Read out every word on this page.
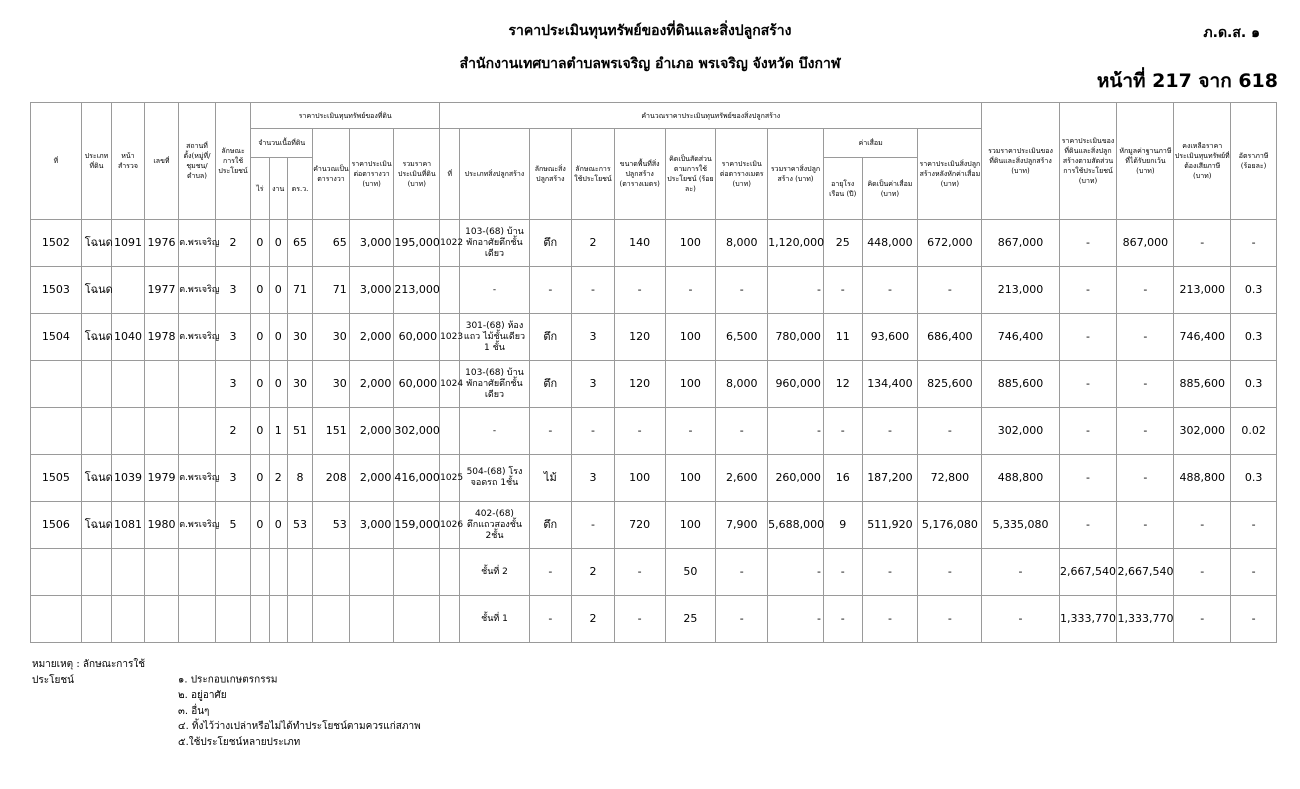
ราคาประเมินทุนทรัพย์ของที่ดินและสิ่งปลูกสร้าง
สำนักงานเทศบาลตำบลพรเจริญ อำเภอ พรเจริญ จังหวัด บึงกาฬ
ภ.ด.ส. ๑
หน้าที่ 217 จาก 618
ที่	ประเภทที่ดิน	หน้าสำรวจ	เลขที่	สถานที่ตั้ง(หมู่ที่/ชุมชน/ตำบล)	ลักษณะการใช้ประโยชน์	ราคาประเมินทุนทรัพย์ของที่ดิน						คำนวณราคาประเมินทุนทรัพย์ของสิ่งปลูกสร้าง											รวมราคาประเมินของที่ดินและสิ่งปลูกสร้าง (บาท)	ราคาประเมินของที่ดินและสิ่งปลูกสร้างตามสัดส่วนการใช้ประโยชน์ (บาท)	หักมูลค่าฐานภาษีที่ได้รับยกเว้น (บาท)	คงเหลือราคาประเมินทุนทรัพย์ที่ต้องเสียภาษี (บาท)	อัตราภาษี (ร้อยละ)
						จำนวนเนื้อที่ดิน			คำนวณเป็นตารางวา	ราคาประเมินต่อตารางวา (บาท)	รวมราคาประเมินที่ดิน (บาท)	ที่	ประเภทสิ่งปลูกสร้าง	ลักษณะสิ่งปลูกสร้าง	ลักษณะการใช้ประโยชน์	ขนาดพื้นที่สิ่งปลูกสร้าง (ตารางเมตร)	คิดเป็นสัดส่วนตามการใช้ประโยชน์ (ร้อยละ)	ราคาประเมินต่อตารางเมตร (บาท)	รวมราคาสิ่งปลูกสร้าง (บาท)	ค่าเสื่อม		ราคาประเมินสิ่งปลูกสร้างหลังหักค่าเสื่อม (บาท)					
						ไร่	งาน	ตร.ว.												อายุโรงเรือน (ปี)	คิดเป็นค่าเสื่อม (บาท)						
1502	โฉนด	1091	1976	ต.พรเจริญ	2	0	0	65	65	3,000	195,000	1022	103-(68) บ้านพักอาศัยตึกชั้นเดียว	ตึก	2	140	100	8,000	1,120,000	25	448,000	672,000	867,000	-	867,000	-	-
1503	โฉนด		1977	ต.พรเจริญ	3	0	0	71	71	3,000	213,000		-	-	-	-	-	-	-	-	-	-	213,000	-	-	213,000	0.3
1504	โฉนด	1040	1978	ต.พรเจริญ	3	0	0	30	30	2,000	60,000	1023	301-(68) ห้องแถว ไม้ชั้นเดียว 1 ชั้น	ตึก	3	120	100	6,500	780,000	11	93,600	686,400	746,400	-	-	746,400	0.3
					3	0	0	30	30	2,000	60,000	1024	103-(68) บ้านพักอาศัยตึกชั้นเดียว	ตึก	3	120	100	8,000	960,000	12	134,400	825,600	885,600	-	-	885,600	0.3
					2	0	1	51	151	2,000	302,000		-	-	-	-	-	-	-	-	-	-	302,000	-	-	302,000	0.02
1505	โฉนด	1039	1979	ต.พรเจริญ	3	0	2	8	208	2,000	416,000	1025	504-(68) โรงจอดรถ 1ชั้น	ไม้	3	100	100	2,600	260,000	16	187,200	72,800	488,800	-	-	488,800	0.3
1506	โฉนด	1081	1980	ต.พรเจริญ	5	0	0	53	53	3,000	159,000	1026	402-(68) ตึกแถวสองชั้น 2ชั้น	ตึก	-	720	100	7,900	5,688,000	9	511,920	5,176,080	5,335,080	-	-	-	-
													ชั้นที่ 2	-	2	-	50	-	-	-	-	-	-	2,667,540	2,667,540	-	-
													ชั้นที่ 1	-	2	-	25	-	-	-	-	-	-	1,333,770	1,333,770	-	-
หมายเหตุ : ลักษณะการใช้ประโยชน์	๑. ประกอบเกษตรกรรม
๒. อยู่อาศัย
๓. อื่นๆ
๔. ทิ้งไว้ว่างเปล่าหรือไม่ได้ทำประโยชน์ตามควรแก่สภาพ
๕.ใช้ประโยชน์หลายประเภท
